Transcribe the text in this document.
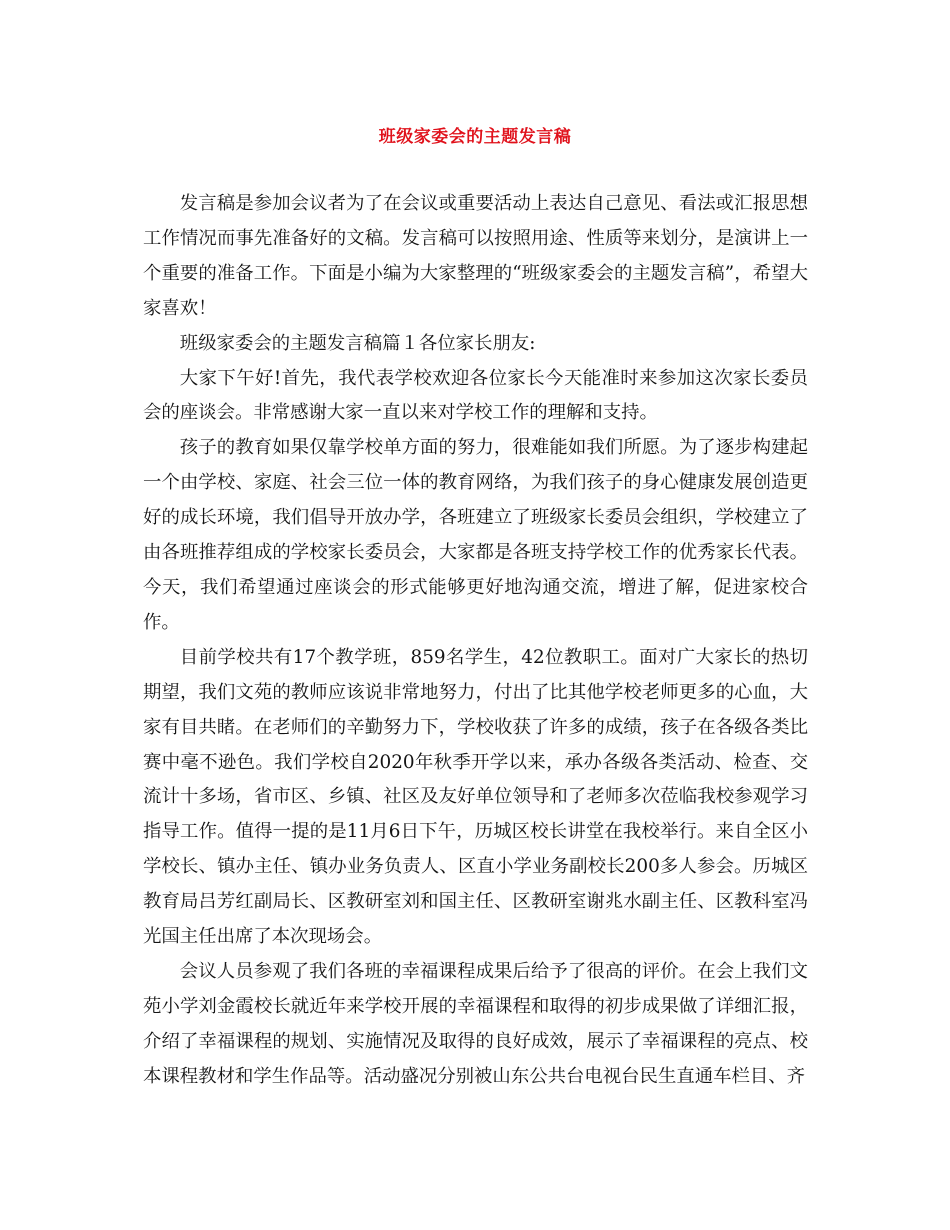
班级家委会的主题发言稿

发言稿是参加会议者为了在会议或重要活动上表达自己意见、看法或汇报思想工作情况而事先准备好的文稿。发言稿可以按照用途、性质等来划分，是演讲上一个重要的准备工作。下面是小编为大家整理的“班级家委会的主题发言稿”，希望大家喜欢！

班级家委会的主题发言稿篇１各位家长朋友:

大家下午好!首先，我代表学校欢迎各位家长今天能准时来参加这次家长委员会的座谈会。非常感谢大家一直以来对学校工作的理解和支持。

孩子的教育如果仅靠学校单方面的努力，很难能如我们所愿。为了逐步构建起一个由学校、家庭、社会三位一体的教育网络，为我们孩子的身心健康发展创造更好的成长环境，我们倡导开放办学，各班建立了班级家长委员会组织，学校建立了由各班推荐组成的学校家长委员会，大家都是各班支持学校工作的优秀家长代表。今天，我们希望通过座谈会的形式能够更好地沟通交流，增进了解，促进家校合作。

目前学校共有17个教学班，859名学生，42位教职工。面对广大家长的热切期望，我们文苑的教师应该说非常地努力，付出了比其他学校老师更多的心血，大家有目共睹。在老师们的辛勤努力下，学校收获了许多的成绩，孩子在各级各类比赛中毫不逊色。我们学校自2020年秋季开学以来，承办各级各类活动、检查、交流计十多场，省市区、乡镇、社区及友好单位领导和了老师多次莅临我校参观学习指导工作。值得一提的是11月6日下午，历城区校长讲堂在我校举行。来自全区小学校长、镇办主任、镇办业务负责人、区直小学业务副校长200多人参会。历城区教育局吕芳红副局长、区教研室刘和国主任、区教研室谢兆水副主任、区教科室冯光国主任出席了本次现场会。

会议人员参观了我们各班的幸福课程成果后给予了很高的评价。在会上我们文苑小学刘金霞校长就近年来学校开展的幸福课程和取得的初步成果做了详细汇报，介绍了幸福课程的规划、实施情况及取得的良好成效，展示了幸福课程的亮点、校本课程教材和学生作品等。活动盛况分别被山东公共台电视台民生直通车栏目、齐
